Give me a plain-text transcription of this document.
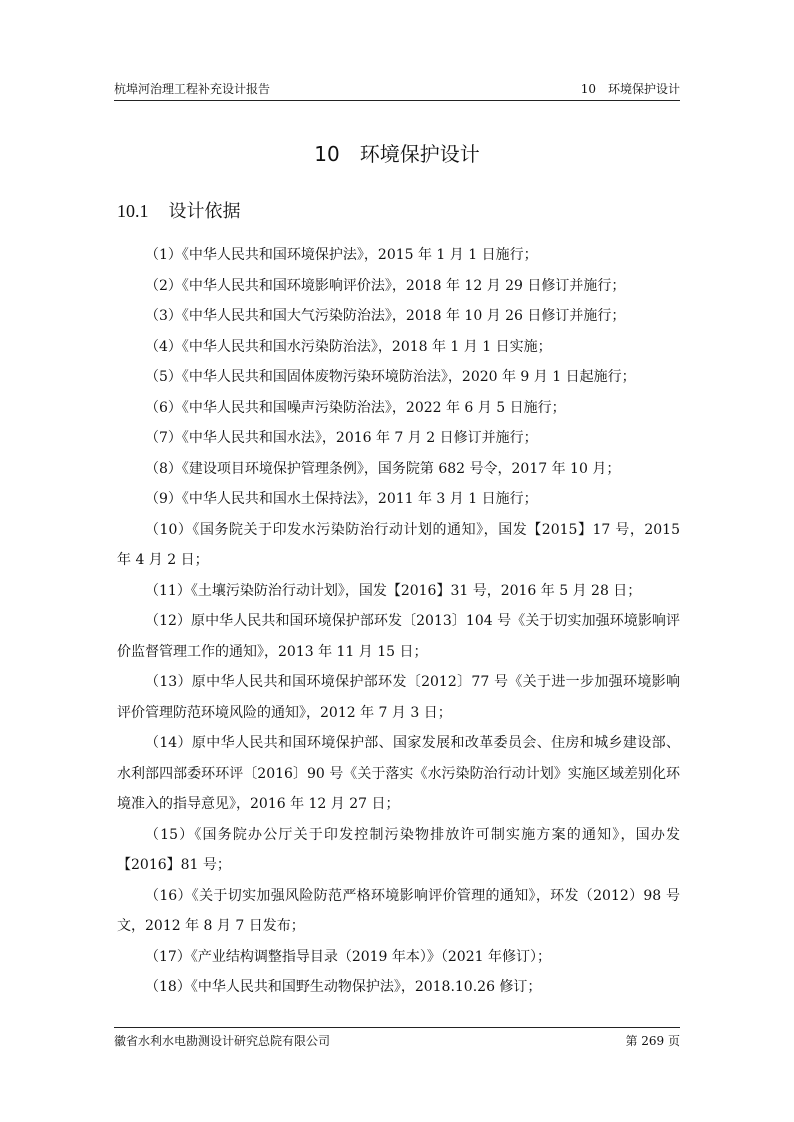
杭埠河治理工程补充设计报告	10　环境保护设计
10　环境保护设计
10.1 设计依据

（1）《中华人民共和国环境保护法》，2015 年 1 月 1 日施行；

（2）《中华人民共和国环境影响评价法》，2018 年 12 月 29 日修订并施行；

（3）《中华人民共和国大气污染防治法》，2018 年 10 月 26 日修订并施行；

（4）《中华人民共和国水污染防治法》，2018 年 1 月 1 日实施；

（5）《中华人民共和国固体废物污染环境防治法》，2020 年 9 月 1 日起施行；

（6）《中华人民共和国噪声污染防治法》，2022 年 6 月 5 日施行；

（7）《中华人民共和国水法》，2016 年 7 月 2 日修订并施行；

（8）《建设项目环境保护管理条例》，国务院第 682 号令，2017 年 10 月；

（9）《中华人民共和国水土保持法》，2011 年 3 月 1 日施行；

（10）《国务院关于印发水污染防治行动计划的通知》，国发【2015】17 号，2015 年 4 月 2 日；

（11）《土壤污染防治行动计划》，国发【2016】31 号，2016 年 5 月 28 日；

（12）原中华人民共和国环境保护部环发〔2013〕104 号《关于切实加强环境影响评价监督管理工作的通知》，2013 年 11 月 15 日；

（13）原中华人民共和国环境保护部环发〔2012〕77 号《关于进一步加强环境影响评价管理防范环境风险的通知》，2012 年 7 月 3 日；

（14）原中华人民共和国环境保护部、国家发展和改革委员会、住房和城乡建设部、水利部四部委环环评〔2016〕90 号《关于落实《水污染防治行动计划》实施区域差别化环境准入的指导意见》，2016 年 12 月 27 日；

（15）《国务院办公厅关于印发控制污染物排放许可制实施方案的通知》，国办发【2016】81 号；

（16）《关于切实加强风险防范严格环境影响评价管理的通知》，环发（2012）98 号文，2012 年 8 月 7 日发布；

（17）《产业结构调整指导目录（2019 年本）》（2021 年修订）；

（18）《中华人民共和国野生动物保护法》，2018.10.26 修订；

徽省水利水电勘测设计研究总院有限公司	第 269 页
